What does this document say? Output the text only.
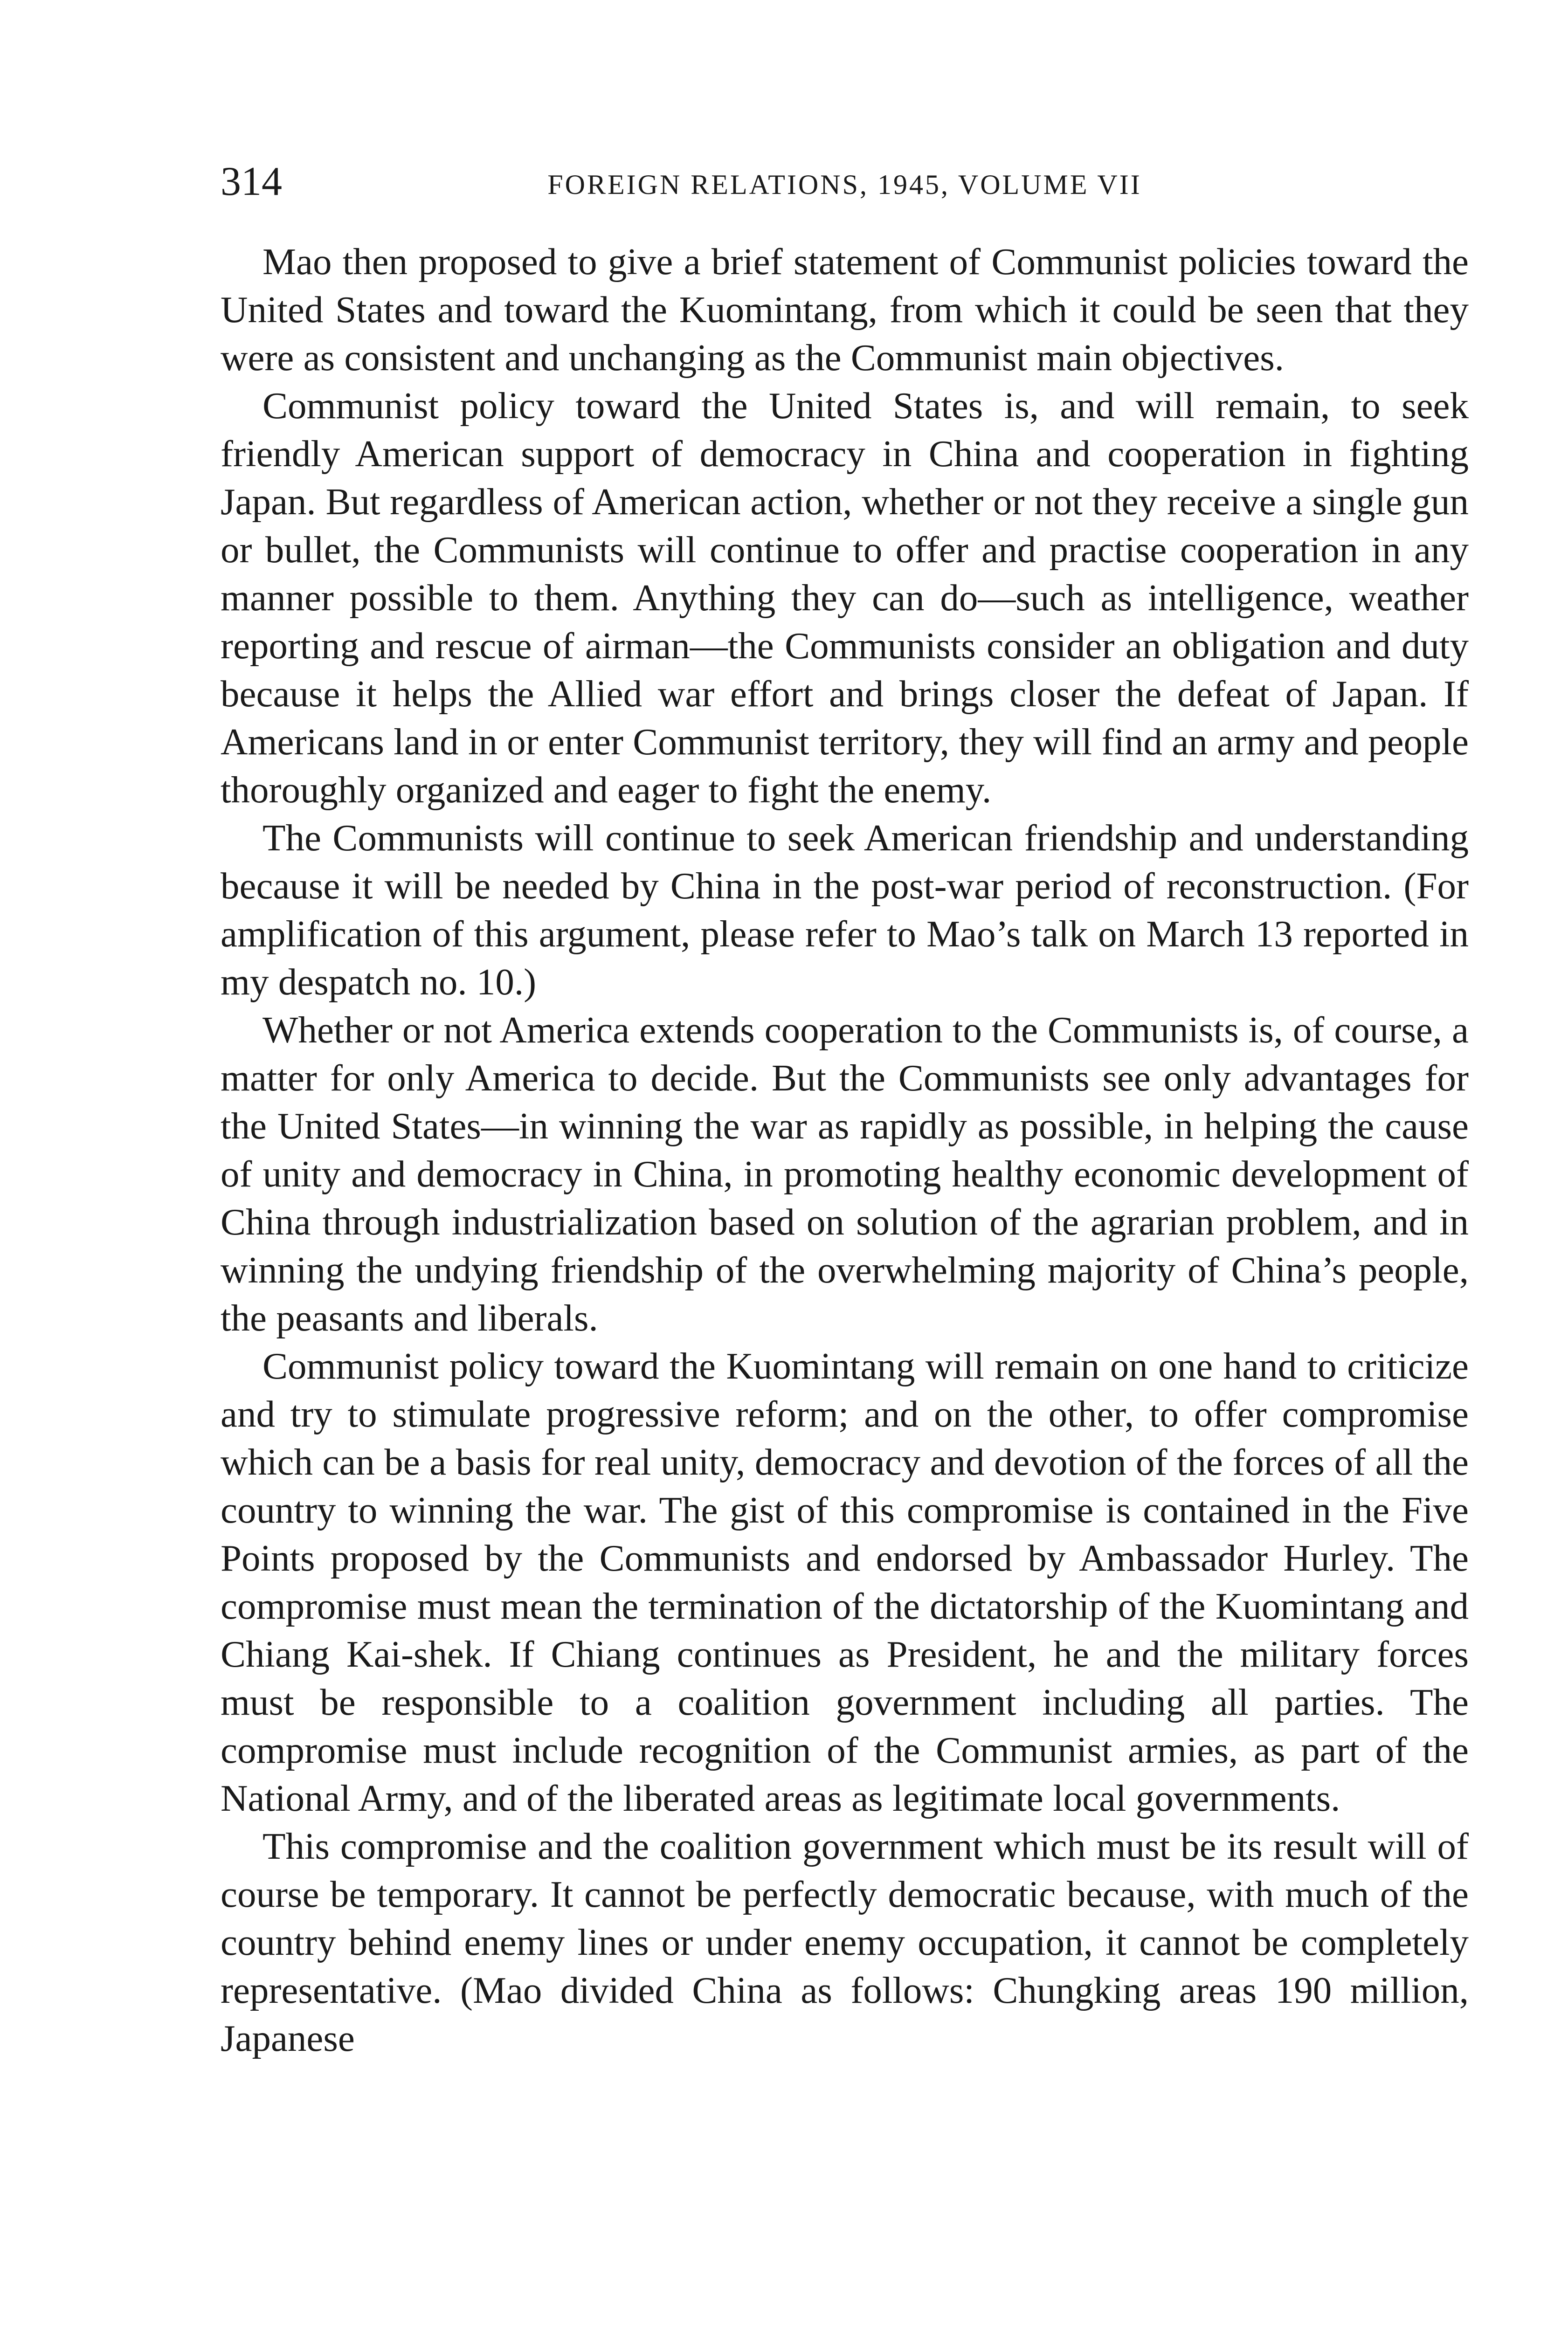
314	FOREIGN RELATIONS, 1945, VOLUME VII

Mao then proposed to give a brief statement of Communist policies toward the United States and toward the Kuomintang, from which it could be seen that they were as consistent and unchanging as the Communist main objectives.

Communist policy toward the United States is, and will remain, to seek friendly American support of democracy in China and cooperation in fighting Japan. But regardless of American action, whether or not they receive a single gun or bullet, the Communists will continue to offer and practise cooperation in any manner possible to them. Anything they can do—such as intelligence, weather reporting and rescue of airman—the Communists consider an obligation and duty because it helps the Allied war effort and brings closer the defeat of Japan. If Americans land in or enter Communist territory, they will find an army and people thoroughly organized and eager to fight the enemy.

The Communists will continue to seek American friendship and understanding because it will be needed by China in the post-war period of reconstruction. (For amplification of this argument, please refer to Mao’s talk on March 13 reported in my despatch no. 10.)

Whether or not America extends cooperation to the Communists is, of course, a matter for only America to decide. But the Communists see only advantages for the United States—in winning the war as rapidly as possible, in helping the cause of unity and democracy in China, in promoting healthy economic development of China through industrialization based on solution of the agrarian problem, and in winning the undying friendship of the overwhelming majority of China’s people, the peasants and liberals.

Communist policy toward the Kuomintang will remain on one hand to criticize and try to stimulate progressive reform; and on the other, to offer compromise which can be a basis for real unity, democracy and devotion of the forces of all the country to winning the war. The gist of this compromise is contained in the Five Points proposed by the Communists and endorsed by Ambassador Hurley. The compromise must mean the termination of the dictatorship of the Kuomintang and Chiang Kai-shek. If Chiang continues as President, he and the military forces must be responsible to a coalition government including all parties. The compromise must include recognition of the Communist armies, as part of the National Army, and of the liberated areas as legitimate local governments.

This compromise and the coalition government which must be its result will of course be temporary. It cannot be perfectly democratic because, with much of the country behind enemy lines or under enemy occupation, it cannot be completely representative. (Mao divided China as follows: Chungking areas 190 million, Japanese
